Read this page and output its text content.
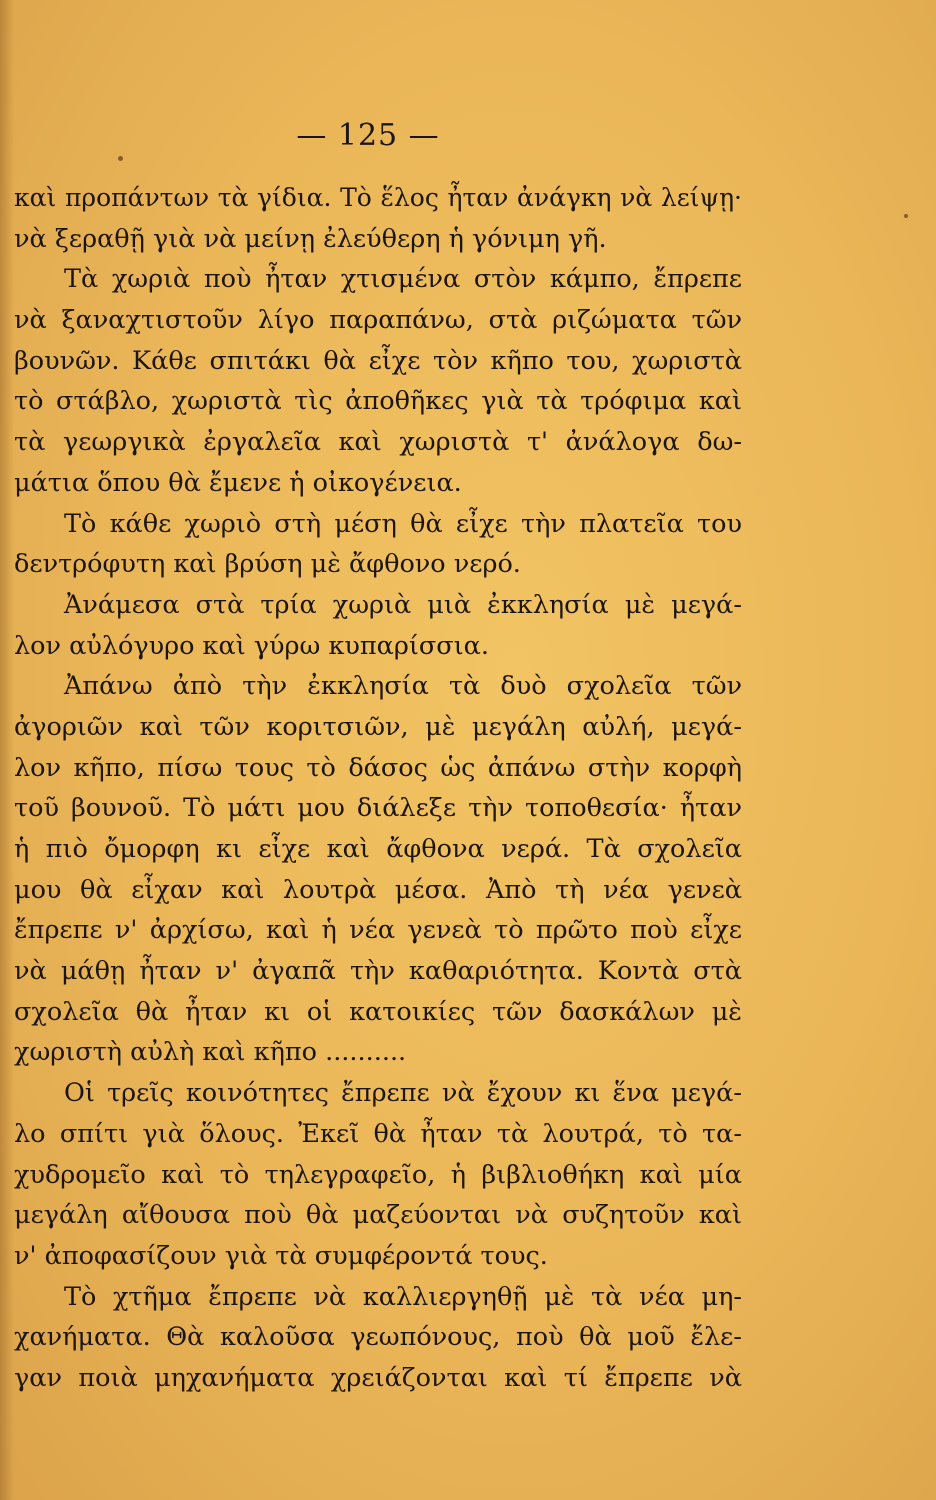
— 125 —
καὶ προπάντων τὰ γίδια. Τὸ ἕλος ἦταν ἀνάγκη νὰ λείψῃ·
νὰ ξεραθῇ γιὰ νὰ μείνῃ ἐλεύθερη ἡ γόνιμη γῆ.
Τὰ χωριὰ ποὺ ἦταν χτισμένα στὸν κάμπο, ἔπρεπε
νὰ ξαναχτιστοῦν λίγο παραπάνω, στὰ ριζώματα τῶν
βουνῶν. Κάθε σπιτάκι θὰ εἶχε τὸν κῆπο του, χωριστὰ
τὸ στάβλο, χωριστὰ τὶς ἀποθῆκες γιὰ τὰ τρόφιμα καὶ
τὰ γεωργικὰ ἐργαλεῖα καὶ χωριστὰ τ' ἀνάλογα δω-
μάτια ὅπου θὰ ἔμενε ἡ οἰκογένεια.
Τὸ κάθε χωριὸ στὴ μέση θὰ εἶχε τὴν πλατεῖα του
δεντρόφυτη καὶ βρύση μὲ ἄφθονο νερό.
Ἀνάμεσα στὰ τρία χωριὰ μιὰ ἐκκλησία μὲ μεγά-
λον αὐλόγυρο καὶ γύρω κυπαρίσσια.
Ἀπάνω ἀπὸ τὴν ἐκκλησία τὰ δυὸ σχολεῖα τῶν
ἀγοριῶν καὶ τῶν κοριτσιῶν, μὲ μεγάλη αὐλή, μεγά-
λον κῆπο, πίσω τους τὸ δάσος ὡς ἀπάνω στὴν κορφὴ
τοῦ βουνοῦ. Τὸ μάτι μου διάλεξε τὴν τοποθεσία· ἦταν
ἡ πιὸ ὄμορφη κι εἶχε καὶ ἄφθονα νερά. Τὰ σχολεῖα
μου θὰ εἶχαν καὶ λουτρὰ μέσα. Ἀπὸ τὴ νέα γενεὰ
ἔπρεπε ν' ἀρχίσω, καὶ ἡ νέα γενεὰ τὸ πρῶτο ποὺ εἶχε
νὰ μάθῃ ἦταν ν' ἀγαπᾶ τὴν καθαριότητα. Κοντὰ στὰ
σχολεῖα θὰ ἦταν κι οἱ κατοικίες τῶν δασκάλων μὲ
χωριστὴ αὐλὴ καὶ κῆπο ..........
Οἱ τρεῖς κοινότητες ἔπρεπε νὰ ἔχουν κι ἕνα μεγά-
λο σπίτι γιὰ ὅλους. Ἐκεῖ θὰ ἦταν τὰ λουτρά, τὸ τα-
χυδρομεῖο καὶ τὸ τηλεγραφεῖο, ἡ βιβλιοθήκη καὶ μία
μεγάλη αἴθουσα ποὺ θὰ μαζεύονται νὰ συζητοῦν καὶ
ν' ἀποφασίζουν γιὰ τὰ συμφέροντά τους.
Τὸ χτῆμα ἔπρεπε νὰ καλλιεργηθῇ μὲ τὰ νέα μη-
χανήματα. Θὰ καλοῦσα γεωπόνους, ποὺ θὰ μοῦ ἔλε-
γαν ποιὰ μηχανήματα χρειάζονται καὶ τί ἔπρεπε νὰ
